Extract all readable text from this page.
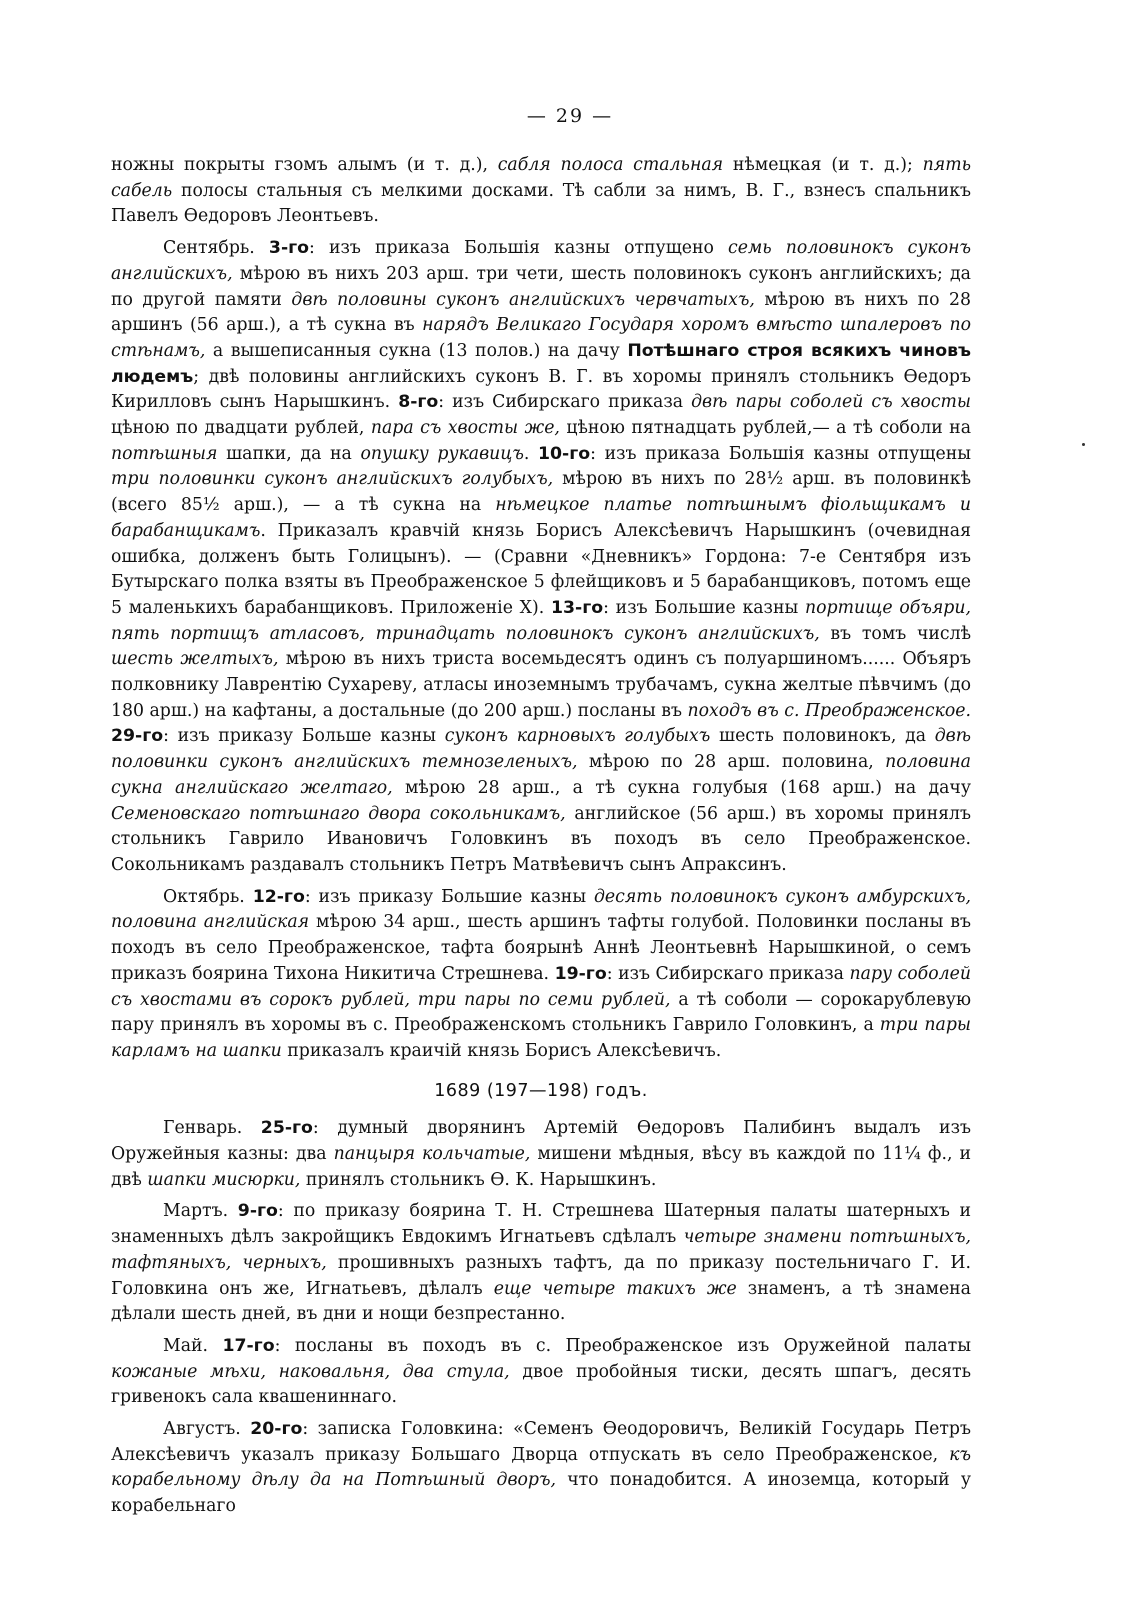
— 29 —

ножны покрыты гзомъ алымъ (и т. д.), сабля полоса стальная нѣмецкая (и т. д.); пять сабель полосы стальныя съ мелкими досками. Тѣ сабли за нимъ, В. Г., взнесъ спальникъ Павелъ Ѳедоровъ Леонтьевъ.

Сентябрь. 3-го: изъ приказа Большія казны отпущено семь половинокъ суконъ английскихъ, мѣрою въ нихъ 203 арш. три чети, шесть половинокъ суконъ английскихъ; да по другой памяти двѣ половины суконъ английскихъ червчатыхъ, мѣрою въ нихъ по 28 аршинъ (56 арш.), а тѣ сукна въ нарядъ Великаго Государя хоромъ вмѣсто шпалеровъ по стѣнамъ, а вышеписанныя сукна (13 полов.) на дачу Потѣшнаго строя всякихъ чиновъ людемъ; двѣ половины английскихъ суконъ В. Г. въ хоромы принялъ стольникъ Ѳедоръ Кирилловъ сынъ Нарышкинъ. 8-го: изъ Сибирскаго приказа двѣ пары соболей съ хвосты цѣною по двадцати рублей, пара съ хвосты же, цѣною пятнадцать рублей,— а тѣ соболи на потѣшныя шапки, да на опушку рукавицъ. 10-го: изъ приказа Большія казны отпущены три половинки суконъ английскихъ голубыхъ, мѣрою въ нихъ по 28½ арш. въ половинкѣ (всего 85½ арш.), — а тѣ сукна на нѣмецкое платье потѣшнымъ фіольщикамъ и барабанщикамъ. Приказалъ кравчій князь Борисъ Алексѣевичъ Нарышкинъ (очевидная ошибка, долженъ быть Голицынъ). — (Сравни «Дневникъ» Гордона: 7-е Сентября изъ Бутырскаго полка взяты въ Преображенское 5 флейщиковъ и 5 барабанщиковъ, потомъ еще 5 маленькихъ барабанщиковъ. Приложеніе X). 13-го: изъ Большие казны портище объяри, пять портищъ атласовъ, тринадцать половинокъ суконъ английскихъ, въ томъ числѣ шесть желтыхъ, мѣрою въ нихъ триста восемьдесятъ одинъ съ полуаршиномъ...... Объяръ полковнику Лаврентію Сухареву, атласы иноземнымъ трубачамъ, сукна желтые пѣвчимъ (до 180 арш.) на кафтаны, а достальные (до 200 арш.) посланы въ походъ въ с. Преображенское. 29-го: изъ приказу Больше казны суконъ карновыхъ голубыхъ шесть половинокъ, да двѣ половинки суконъ английскихъ темнозеленыхъ, мѣрою по 28 арш. половина, половина сукна английскаго желтаго, мѣрою 28 арш., а тѣ сукна голубыя (168 арш.) на дачу Семеновскаго потѣшнаго двора сокольникамъ, английское (56 арш.) въ хоромы принялъ стольникъ Гаврило Ивановичъ Головкинъ въ походъ въ село Преображенское. Сокольникамъ раздавалъ стольникъ Петръ Матвѣевичъ сынъ Апраксинъ.

Октябрь. 12-го: изъ приказу Большие казны десять половинокъ суконъ амбурскихъ, половина английская мѣрою 34 арш., шесть аршинъ тафты голубой. Половинки посланы въ походъ въ село Преображенское, тафта боярынѣ Аннѣ Леонтьевнѣ Нарышкиной, о семъ приказъ боярина Тихона Никитича Стрешнева. 19-го: изъ Сибирскаго приказа пару соболей съ хвостами въ сорокъ рублей, три пары по семи рублей, а тѣ соболи — сорокарублевую пару принялъ въ хоромы въ с. Преображенскомъ стольникъ Гаврило Головкинъ, а три пары карламъ на шапки приказалъ краичій князь Борисъ Алексѣевичъ.

1689 (197—198) годъ.

Генварь. 25-го: думный дворянинъ Артемій Ѳедоровъ Палибинъ выдалъ изъ Оружейныя казны: два панцыря кольчатые, мишени мѣдныя, вѣсу въ каждой по 11¼ ф., и двѣ шапки мисюрки, принялъ стольникъ Ѳ. К. Нарышкинъ.

Мартъ. 9-го: по приказу боярина Т. Н. Стрешнева Шатерныя палаты шатерныхъ и знаменныхъ дѣлъ закройщикъ Евдокимъ Игнатьевъ сдѣлалъ четыре знамени потѣшныхъ, тафтяныхъ, черныхъ, прошивныхъ разныхъ тафтъ, да по приказу постельничаго Г. И. Головкина онъ же, Игнатьевъ, дѣлалъ еще четыре такихъ же знаменъ, а тѣ знамена дѣлали шесть дней, въ дни и нощи безпрестанно.

Май. 17-го: посланы въ походъ въ с. Преображенское изъ Оружейной палаты кожаные мѣхи, наковальня, два стула, двое пробойныя тиски, десять шпагъ, десять гривенокъ сала квашениннаго.

Августъ. 20-го: записка Головкина: «Семенъ Ѳеодоровичъ, Великій Государь Петръ Алексѣевичъ указалъ приказу Большаго Дворца отпускать въ село Преображенское, къ корабельному дѣлу да на Потѣшный дворъ, что понадобится. А иноземца, который у корабельнаго
